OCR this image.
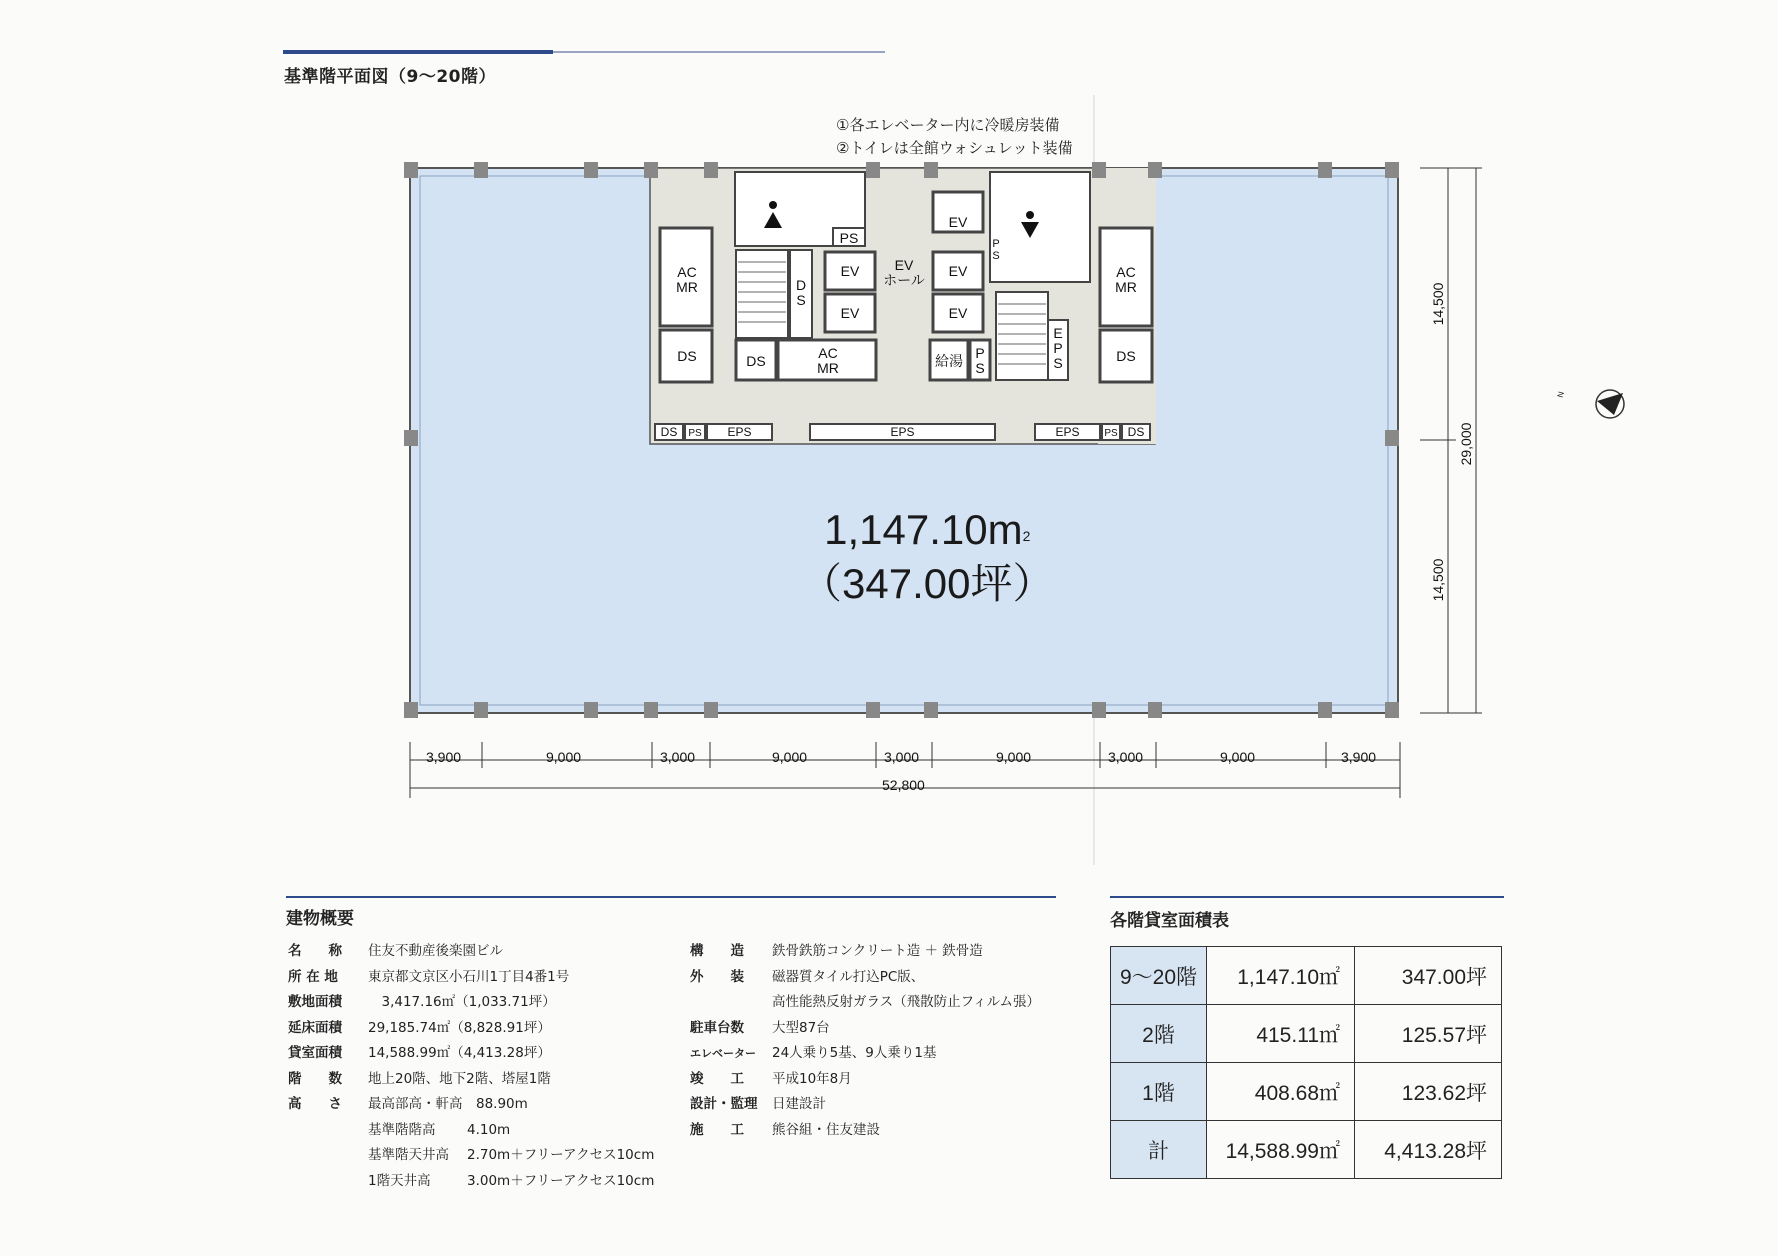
基準階平面図（9～20階）
①各エレベーター内に冷暖房装備
②トイレは全館ウォシュレット装備
AC
MR
DS
D
S
DS	AC
MR
PS
EV
EV
EV
ホール
EV
EV
EV
P
S
給湯 P
S
E
P
S
AC
MR
DS
DS	PS	EPS	EPS	EPS	PS DS
$1,147.10m^2$
（347.00坪）
3,900	9,000	3,000	9,000	3,000	9,000	3,000	9,000	3,900
52,800
14,500
14,500
29,000
N
建物概要
名　　称	住友不動産後楽園ビル
所 在 地	東京都文京区小石川1丁目4番1号
敷地面積	　3,417.16㎡（1,033.71坪）
延床面積	29,185.74㎡（8,828.91坪）
貸室面積	14,588.99㎡（4,413.28坪）
階　　数	地上20階、地下2階、塔屋1階
高　　さ	最高部高・軒高　88.90m
基準階階高	4.10m
基準階天井高	2.70m＋フリーアクセス10cm
1階天井高	3.00m＋フリーアクセス10cm
構　　造	鉄骨鉄筋コンクリート造 ＋ 鉄骨造
外　　装	磁器質タイル打込PC版、
高性能熱反射ガラス（飛散防止フィルム張）
駐車台数	大型87台
エレベーター	24人乗り5基、9人乗り1基
竣　　工	平成10年8月
設計・監理	日建設計
施　　工	熊谷組・住友建設
各階貸室面積表
9～20階	1,147.10㎡	347.00坪
2階	415.11㎡	125.57坪
1階	408.68㎡	123.62坪
計	14,588.99㎡	4,413.28坪
